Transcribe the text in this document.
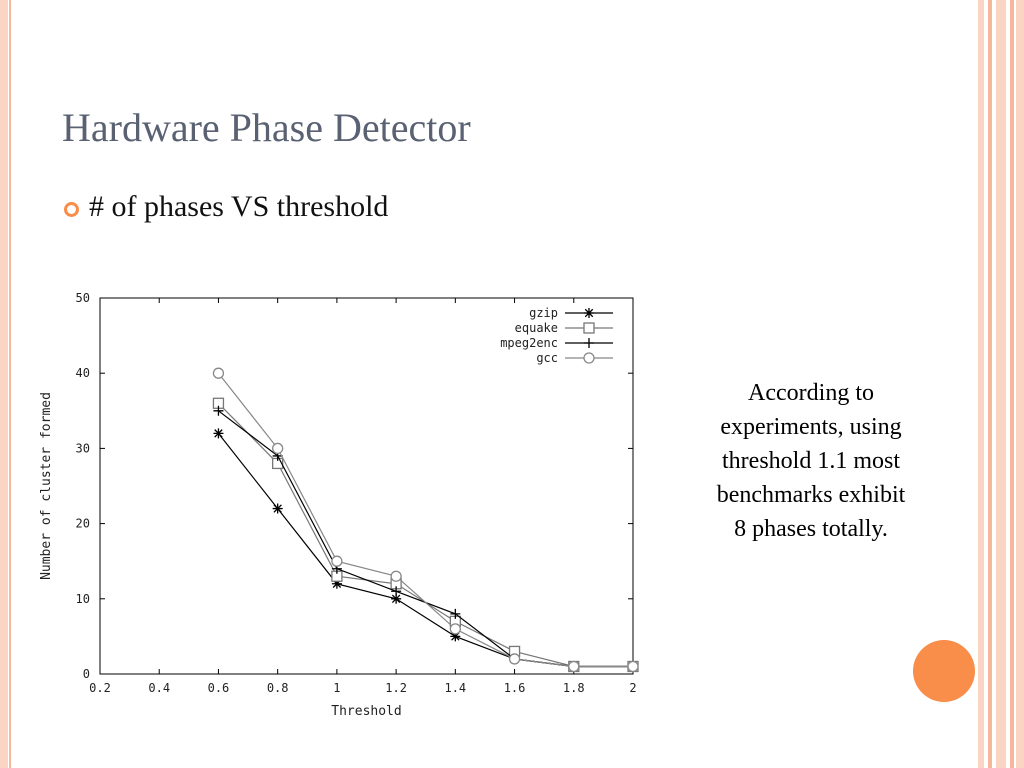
Hardware Phase Detector
# of phases VS threshold
0.2	0.4	0.6	0.8	1	1.2	1.4	1.6	1.8	2
0
10
20
30
40
50
Threshold
Number of cluster formed
gzip
equake
mpeg2enc
gcc
According to experiments, using threshold 1.1 most benchmarks exhibit 8 phases totally.
